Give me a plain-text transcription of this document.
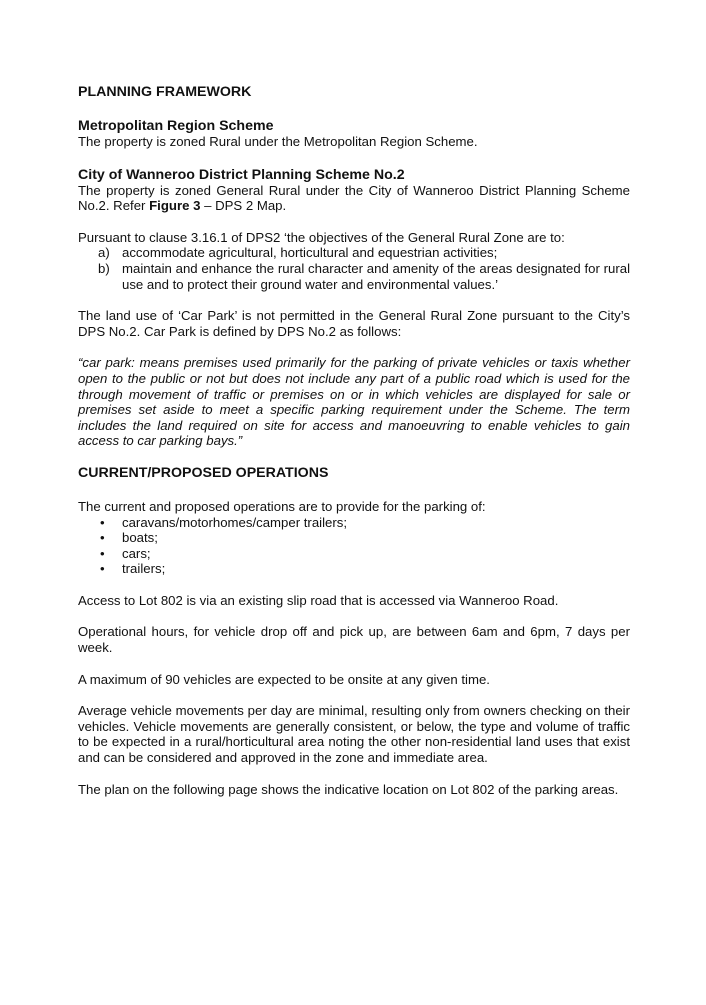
PLANNING FRAMEWORK
Metropolitan Region Scheme

The property is zoned Rural under the Metropolitan Region Scheme.

City of Wanneroo District Planning Scheme No.2

The property is zoned General Rural under the City of Wanneroo District Planning Scheme No.2. Refer Figure 3 – DPS 2 Map.

Pursuant to clause 3.16.1 of DPS2 ‘the objectives of the General Rural Zone are to:

a) accommodate agricultural, horticultural and equestrian activities;
b) maintain and enhance the rural character and amenity of the areas designated for rural use and to protect their ground water and environmental values.’

The land use of ‘Car Park’ is not permitted in the General Rural Zone pursuant to the City’s DPS No.2. Car Park is defined by DPS No.2 as follows:

“car park: means premises used primarily for the parking of private vehicles or taxis whether open to the public or not but does not include any part of a public road which is used for the through movement of traffic or premises on or in which vehicles are displayed for sale or premises set aside to meet a specific parking requirement under the Scheme. The term includes the land required on site for access and manoeuvring to enable vehicles to gain access to car parking bays.”

CURRENT/PROPOSED OPERATIONS

The current and proposed operations are to provide for the parking of:

• caravans/motorhomes/camper trailers;
• boats;
• cars;
• trailers;

Access to Lot 802 is via an existing slip road that is accessed via Wanneroo Road.

Operational hours, for vehicle drop off and pick up, are between 6am and 6pm, 7 days per week.

A maximum of 90 vehicles are expected to be onsite at any given time.

Average vehicle movements per day are minimal, resulting only from owners checking on their vehicles. Vehicle movements are generally consistent, or below, the type and volume of traffic to be expected in a rural/horticultural area noting the other non-residential land uses that exist and can be considered and approved in the zone and immediate area.

The plan on the following page shows the indicative location on Lot 802 of the parking areas.
